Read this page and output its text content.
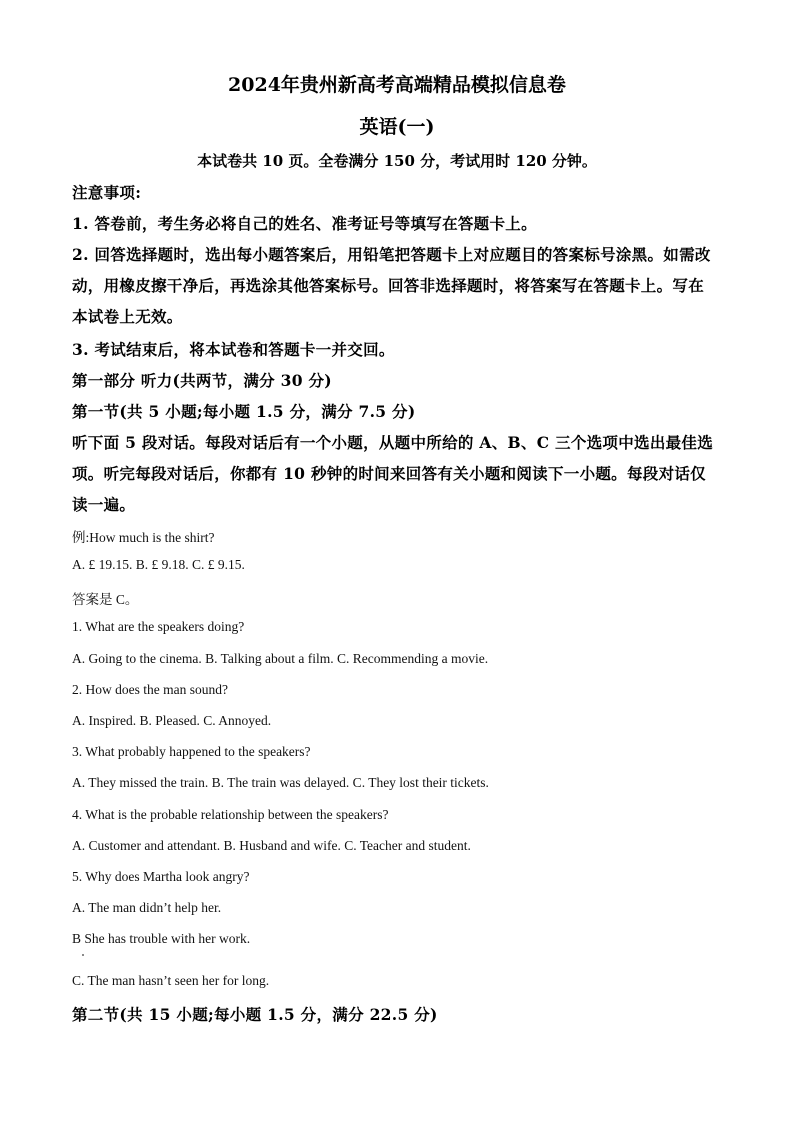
2024年贵州新高考高端精品模拟信息卷

英语(一)

本试卷共 10 页。全卷满分 150 分，考试用时 120 分钟。

注意事项:

1. 答卷前，考生务必将自己的姓名、准考证号等填写在答题卡上。

2. 回答选择题时，选出每小题答案后，用铅笔把答题卡上对应题目的答案标号涂黑。如需改

动，用橡皮擦干净后，再选涂其他答案标号。回答非选择题时，将答案写在答题卡上。写在

本试卷上无效。

3. 考试结束后，将本试卷和答题卡一并交回。

第一部分 听力(共两节，满分 30 分)

第一节(共 5 小题;每小题 1.5 分，满分 7.5 分)

听下面 5 段对话。每段对话后有一个小题，从题中所给的 A、B、C 三个选项中选出最佳选

项。听完每段对话后，你都有 10 秒钟的时间来回答有关小题和阅读下一小题。每段对话仅

读一遍。

例:How much is the shirt?

A. £ 19.15. B. £ 9.18. C. £ 9.15.

答案是 C。

1. What are the speakers doing?

A. Going to the cinema. B. Talking about a film. C. Recommending a movie.

2. How does the man sound?

A. Inspired. B. Pleased. C. Annoyed.

3. What probably happened to the speakers?

A. They missed the train. B. The train was delayed. C. They lost their tickets.

4. What is the probable relationship between the speakers?

A. Customer and attendant. B. Husband and wife. C. Teacher and student.

5. Why does Martha look angry?

A. The man didn’t help her.

B She has trouble with her work.

C. The man hasn’t seen her for long.

第二节(共 15 小题;每小题 1.5 分，满分 22.5 分)
